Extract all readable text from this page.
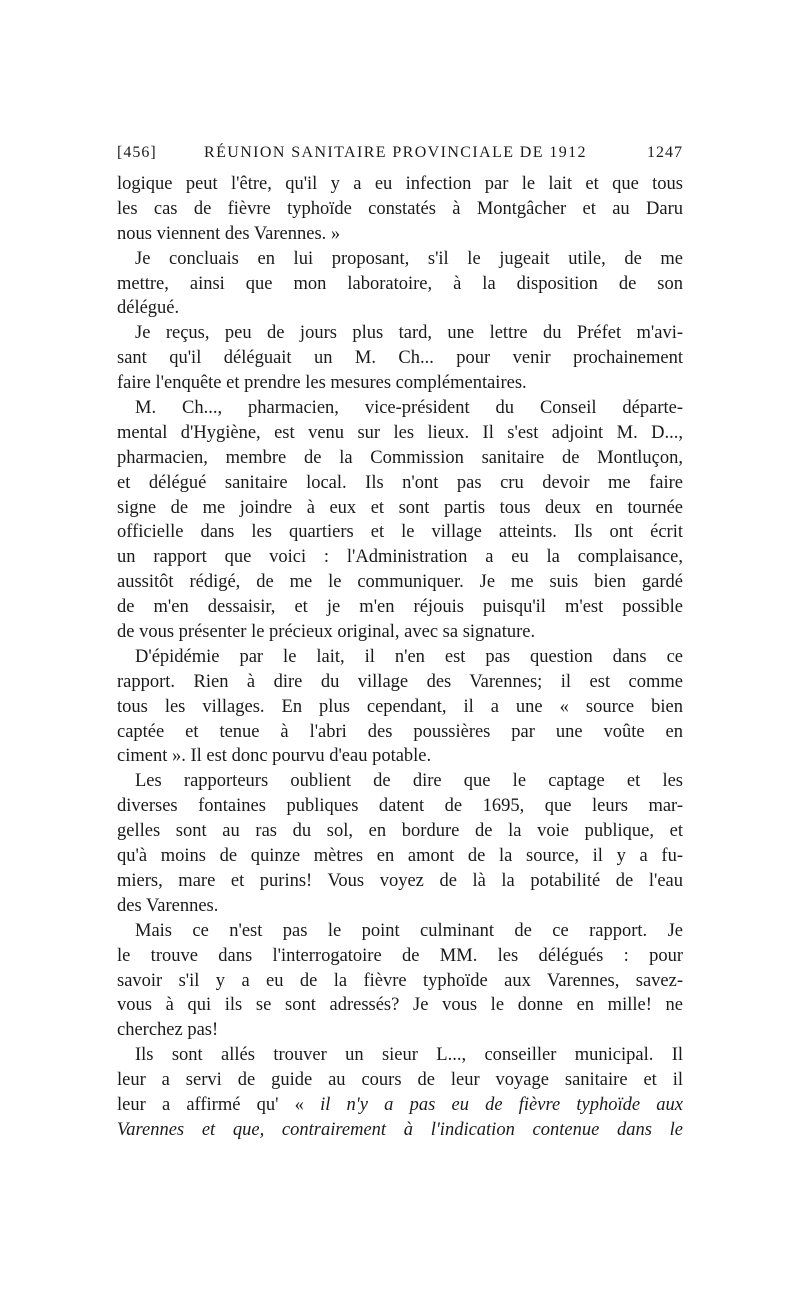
[456]	RÉUNION SANITAIRE PROVINCIALE DE 1912	1247
logique peut l'être, qu'il y a eu infection par le lait et que tous
les cas de fièvre typhoïde constatés à Montgâcher et au Daru
nous viennent des Varennes. »
Je concluais en lui proposant, s'il le jugeait utile, de me
mettre, ainsi que mon laboratoire, à la disposition de son
délégué.
Je reçus, peu de jours plus tard, une lettre du Préfet m'avi-
sant qu'il déléguait un M. Ch... pour venir prochainement
faire l'enquête et prendre les mesures complémentaires.
M. Ch..., pharmacien, vice-président du Conseil départe-
mental d'Hygiène, est venu sur les lieux. Il s'est adjoint M. D...,
pharmacien, membre de la Commission sanitaire de Montluçon,
et délégué sanitaire local. Ils n'ont pas cru devoir me faire
signe de me joindre à eux et sont partis tous deux en tournée
officielle dans les quartiers et le village atteints. Ils ont écrit
un rapport que voici : l'Administration a eu la complaisance,
aussitôt rédigé, de me le communiquer. Je me suis bien gardé
de m'en dessaisir, et je m'en réjouis puisqu'il m'est possible
de vous présenter le précieux original, avec sa signature.
D'épidémie par le lait, il n'en est pas question dans ce
rapport. Rien à dire du village des Varennes; il est comme
tous les villages. En plus cependant, il a une « source bien
captée et tenue à l'abri des poussières par une voûte en
ciment ». Il est donc pourvu d'eau potable.
Les rapporteurs oublient de dire que le captage et les
diverses fontaines publiques datent de 1695, que leurs mar-
gelles sont au ras du sol, en bordure de la voie publique, et
qu'à moins de quinze mètres en amont de la source, il y a fu-
miers, mare et purins! Vous voyez de là la potabilité de l'eau
des Varennes.
Mais ce n'est pas le point culminant de ce rapport. Je
le trouve dans l'interrogatoire de MM. les délégués : pour
savoir s'il y a eu de la fièvre typhoïde aux Varennes, savez-
vous à qui ils se sont adressés? Je vous le donne en mille! ne
cherchez pas!
Ils sont allés trouver un sieur L..., conseiller municipal. Il
leur a servi de guide au cours de leur voyage sanitaire et il
leur a affirmé qu' « il n'y a pas eu de fièvre typhoïde aux
Varennes et que, contrairement à l'indication contenue dans le
